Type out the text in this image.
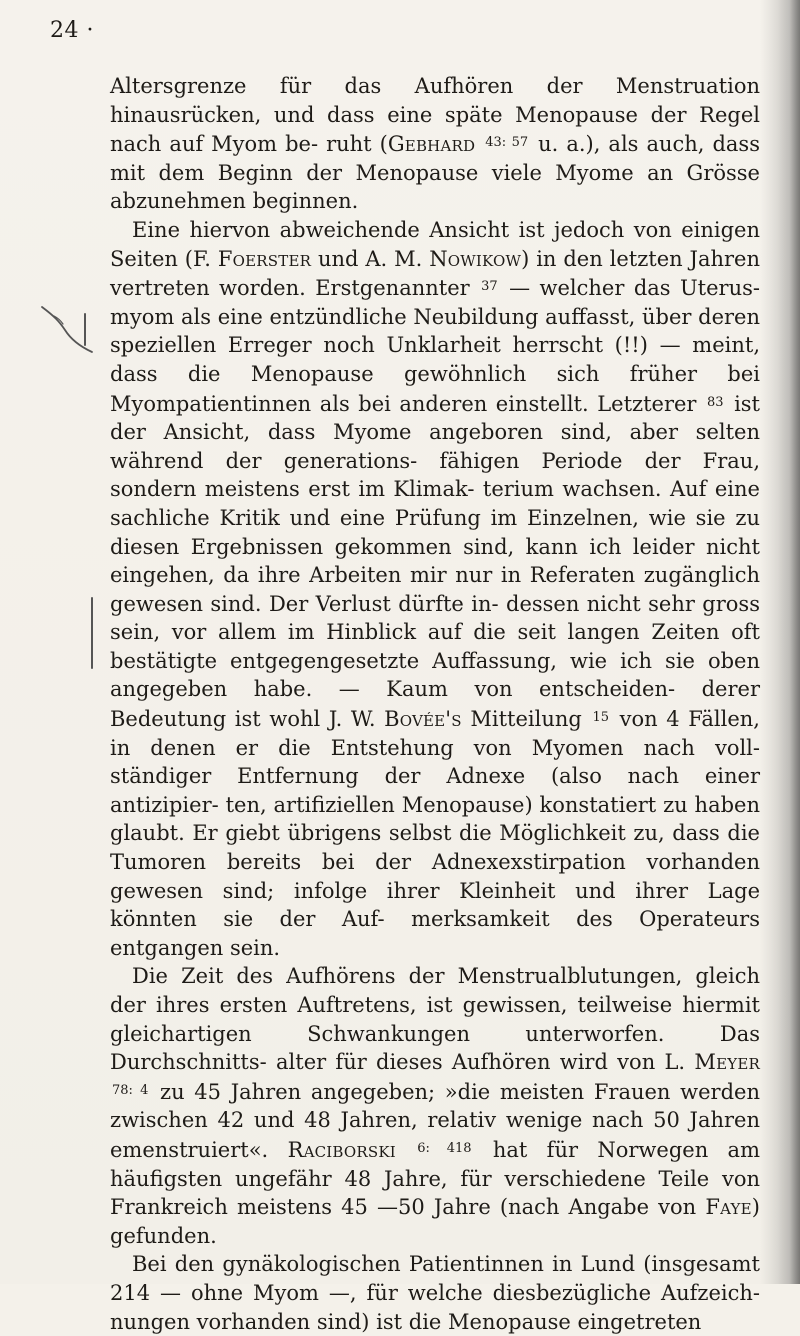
24 ·

Altersgrenze für das Aufhören der Menstruation hinausrücken, und dass eine späte Menopause der Regel nach auf Myom be- ruht (Gebhard $^{43: 57}$ u. a.), als auch, dass mit dem Beginn der Menopause viele Myome an Grösse abzunehmen beginnen.

Eine hiervon abweichende Ansicht ist jedoch von einigen Seiten (F. Foerster und A. M. Nowikow) in den letzten Jahren vertreten worden. Erstgenannter $^{37}$ — welcher das Uterus- myom als eine entzündliche Neubildung auffasst, über deren speziellen Erreger noch Unklarheit herrscht (!!) — meint, dass die Menopause gewöhnlich sich früher bei Myompatientinnen als bei anderen einstellt. Letzterer $^{83}$ ist der Ansicht, dass Myome angeboren sind, aber selten während der generations- fähigen Periode der Frau, sondern meistens erst im Klimak- terium wachsen. Auf eine sachliche Kritik und eine Prüfung im Einzelnen, wie sie zu diesen Ergebnissen gekommen sind, kann ich leider nicht eingehen, da ihre Arbeiten mir nur in Referaten zugänglich gewesen sind. Der Verlust dürfte in- dessen nicht sehr gross sein, vor allem im Hinblick auf die seit langen Zeiten oft bestätigte entgegengesetzte Auffassung, wie ich sie oben angegeben habe. — Kaum von entscheiden- derer Bedeutung ist wohl J. W. Bovée's Mitteilung $^{15}$ von 4 Fällen, in denen er die Entstehung von Myomen nach voll- ständiger Entfernung der Adnexe (also nach einer antizipier- ten, artifiziellen Menopause) konstatiert zu haben glaubt. Er giebt übrigens selbst die Möglichkeit zu, dass die Tumoren bereits bei der Adnexexstirpation vorhanden gewesen sind; infolge ihrer Kleinheit und ihrer Lage könnten sie der Auf- merksamkeit des Operateurs entgangen sein.

Die Zeit des Aufhörens der Menstrualblutungen, gleich der ihres ersten Auftretens, ist gewissen, teilweise hiermit gleichartigen Schwankungen unterworfen. Das Durchschnitts- alter für dieses Aufhören wird von L. Meyer $^{78: 4}$ zu 45 Jahren angegeben; »die meisten Frauen werden zwischen 42 und 48 Jahren, relativ wenige nach 50 Jahren emenstruiert«. Raciborski $^{6: 418}$ hat für Norwegen am häufigsten ungefähr 48 Jahre, für verschiedene Teile von Frankreich meistens 45 —50 Jahre (nach Angabe von Faye) gefunden.

Bei den gynäkologischen Patientinnen in Lund (insgesamt 214 — ohne Myom —, für welche diesbezügliche Aufzeich- nungen vorhanden sind) ist die Menopause eingetreten
